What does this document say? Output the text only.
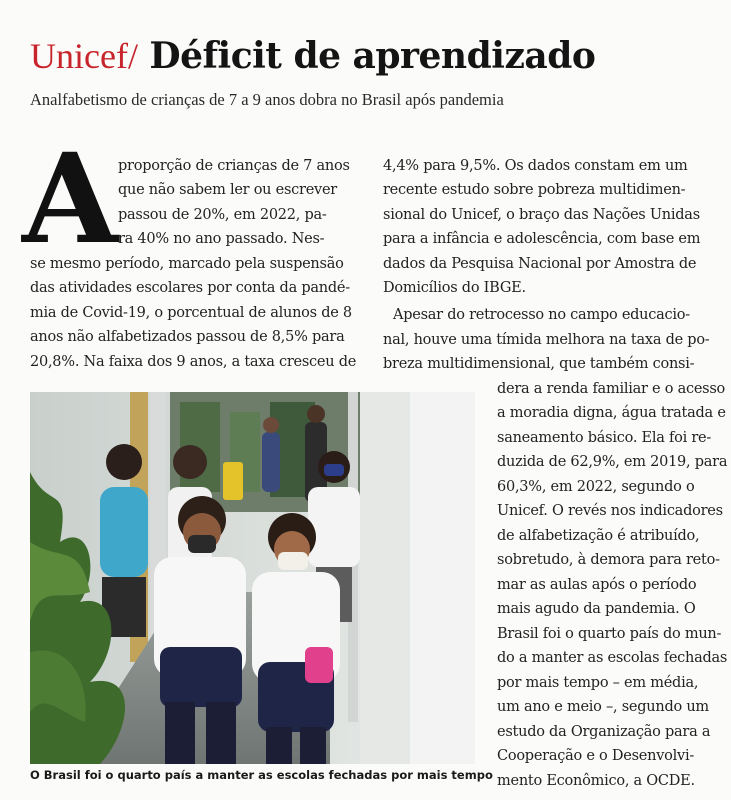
Unicef/ Déficit de aprendizado
Analfabetismo de crianças de 7 a 9 anos dobra no Brasil após pandemia
A proporção de crianças de 7 anos
que não sabem ler ou escrever
passou de 20%, em 2022, pa-
ra 40% no ano passado. Nes-
se mesmo período, marcado pela suspensão
das atividades escolares por conta da pandé-
mia de Covid-19, o porcentual de alunos de 8
anos não alfabetizados passou de 8,5% para
20,8%. Na faixa dos 9 anos, a taxa cresceu de
4,4% para 9,5%. Os dados constam em um
recente estudo sobre pobreza multidimen-
sional do Unicef, o braço das Nações Unidas
para a infância e adolescência, com base em
dados da Pesquisa Nacional por Amostra de
Domicílios do IBGE.
Apesar do retrocesso no campo educacio-
nal, houve uma tímida melhora na taxa de po-
breza multidimensional, que também consi-
dera a renda familiar e o acesso
a moradia digna, água tratada e
saneamento básico. Ela foi re-
duzida de 62,9%, em 2019, para
60,3%, em 2022, segundo o
Unicef. O revés nos indicadores
de alfabetização é atribuído,
sobretudo, à demora para reto-
mar as aulas após o período
mais agudo da pandemia. O
Brasil foi o quarto país do mun-
do a manter as escolas fechadas
por mais tempo – em média,
um ano e meio –, segundo um
estudo da Organização para a
Cooperação e o Desenvolvi-
mento Econômico, a OCDE.
O Brasil foi o quarto país a manter as escolas fechadas por mais tempo
